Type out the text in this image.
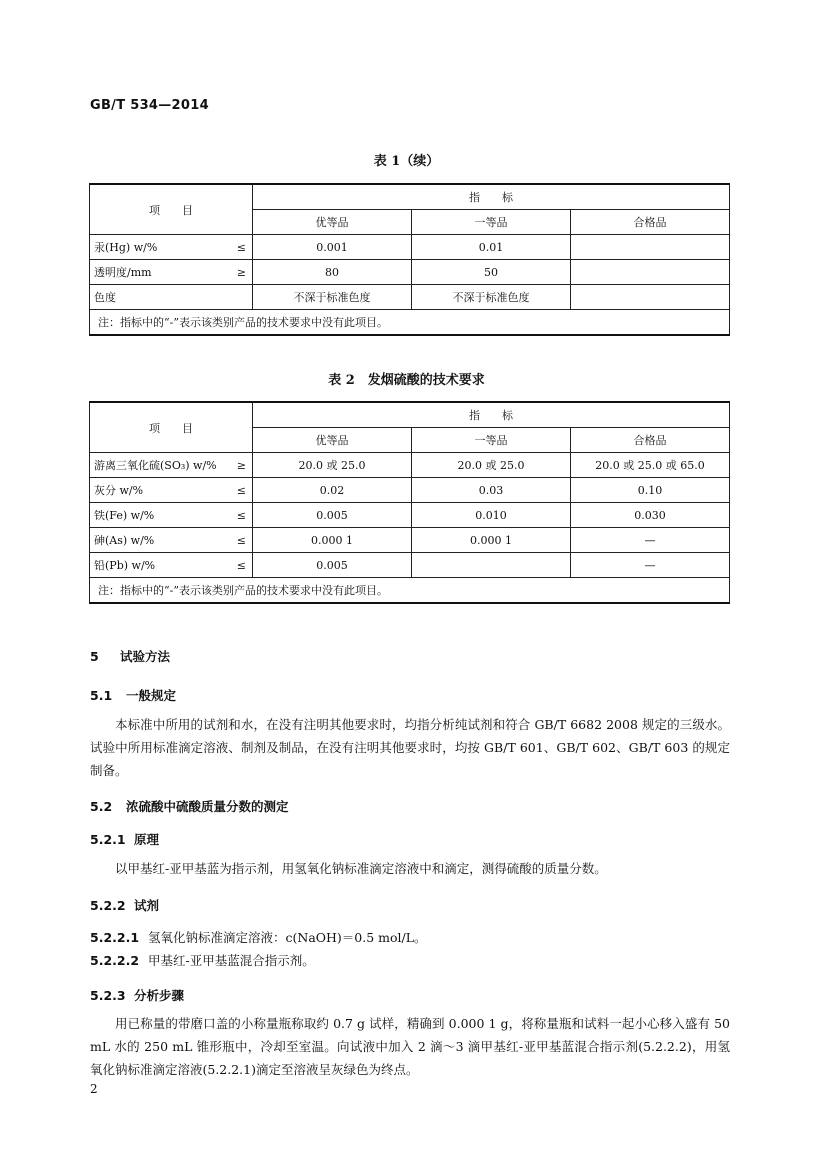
GB/T 534—2014
表 1（续）
项　　目		指　　标		
		优等品	一等品	合格品
汞(Hg) w/%	≤	0.001	0.01	
透明度/mm	≥	80	50	
色度		不深于标准色度	不深于标准色度	
注：指标中的“-”表示该类别产品的技术要求中没有此项目。				
表 2　发烟硫酸的技术要求
项　　目		指　　标		
		优等品	一等品	合格品
游离三氧化硫(SO₃) w/%	≥	20.0 或 25.0	20.0 或 25.0	20.0 或 25.0 或 65.0
灰分 w/%	≤	0.02	0.03	0.10
铁(Fe) w/%	≤	0.005	0.010	0.030
砷(As) w/%	≤	0.000 1	0.000 1	—
铅(Pb) w/%	≤	0.005		—
注：指标中的“-”表示该类别产品的技术要求中没有此项目。				
5 试验方法
5.1 一般规定
本标准中所用的试剂和水，在没有注明其他要求时，均指分析纯试剂和符合 GB/T 6682 2008 规定的三级水。试验中所用标准滴定溶液、制剂及制品，在没有注明其他要求时，均按 GB/T 601、GB/T 602、GB/T 603 的规定制备。
5.2 浓硫酸中硫酸质量分数的测定
5.2.1 原理
以甲基红-亚甲基蓝为指示剂，用氢氧化钠标准滴定溶液中和滴定，测得硫酸的质量分数。
5.2.2 试剂
5.2.2.1 氢氧化钠标准滴定溶液：c(NaOH)＝0.5 mol/L。
5.2.2.2 甲基红-亚甲基蓝混合指示剂。
5.2.3 分析步骤
用已称量的带磨口盖的小称量瓶称取约 0.7 g 试样，精确到 0.000 1 g，将称量瓶和试料一起小心移入盛有 50 mL 水的 250 mL 锥形瓶中，冷却至室温。向试液中加入 2 滴～3 滴甲基红-亚甲基蓝混合指示剂(5.2.2.2)，用氢氧化钠标准滴定溶液(5.2.2.1)滴定至溶液呈灰绿色为终点。
2
